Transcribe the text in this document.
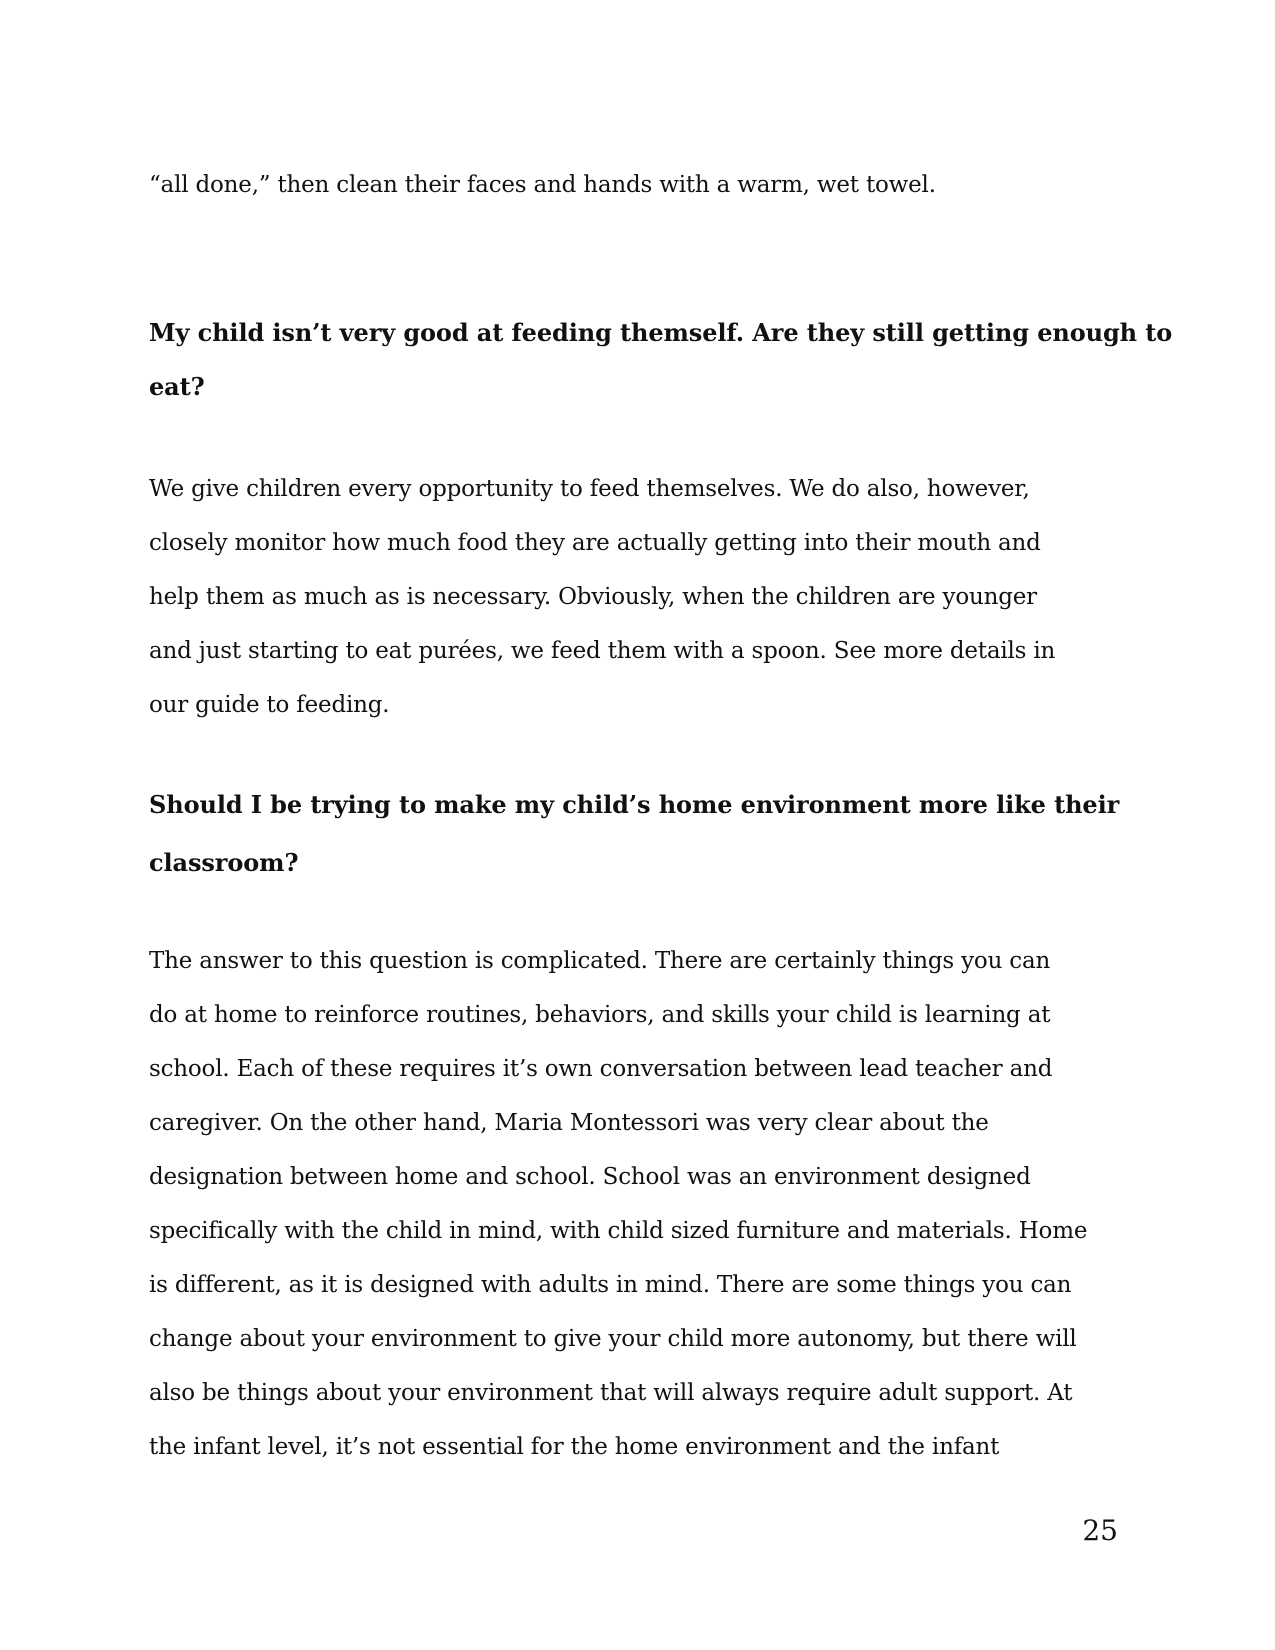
“all done,” then clean their faces and hands with a warm, wet towel.
My child isn’t very good at feeding themself. Are they still getting enough to
eat?
We give children every opportunity to feed themselves. We do also, however,
closely monitor how much food they are actually getting into their mouth and
help them as much as is necessary. Obviously, when the children are younger
and just starting to eat purées, we feed them with a spoon. See more details in
our guide to feeding.
Should I be trying to make my child’s home environment more like their
classroom?
The answer to this question is complicated. There are certainly things you can
do at home to reinforce routines, behaviors, and skills your child is learning at
school. Each of these requires it’s own conversation between lead teacher and
caregiver. On the other hand, Maria Montessori was very clear about the
designation between home and school. School was an environment designed
specifically with the child in mind, with child sized furniture and materials. Home
is different, as it is designed with adults in mind. There are some things you can
change about your environment to give your child more autonomy, but there will
also be things about your environment that will always require adult support. At
the infant level, it’s not essential for the home environment and the infant
25
